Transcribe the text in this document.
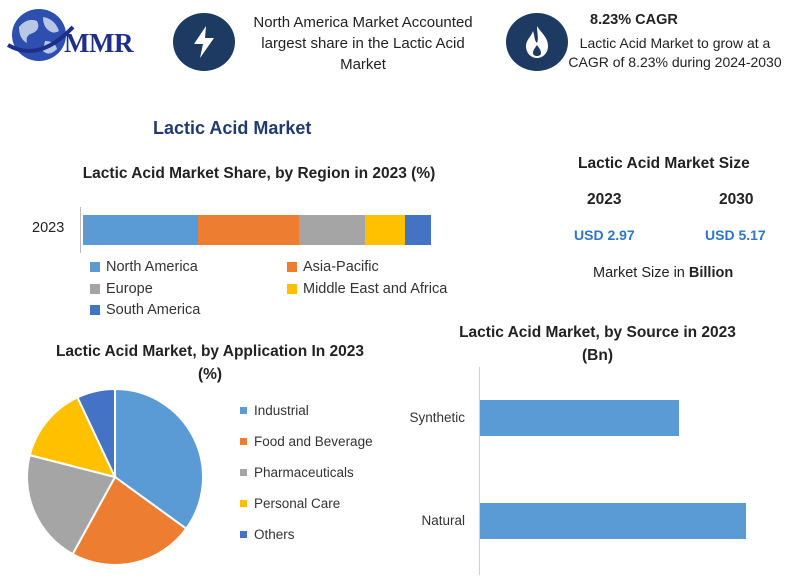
MMR
North America Market Accounted largest share in the Lactic Acid Market
8.23% CAGR
Lactic Acid Market to grow at a CAGR of 8.23% during 2024-2030
Lactic Acid Market
Lactic Acid Market Share, by Region in 2023 (%)
2023
North America	Asia-Pacific
Europe	Middle East and Africa
South America
Lactic Acid Market Size
2023	2030
USD 2.97	USD 5.17
Market Size in Billion
Lactic Acid Market, by Application In 2023 (%)
Industrial
Food and Beverage
Pharmaceuticals
Personal Care
Others
Lactic Acid Market, by Source in 2023 (Bn)
Synthetic
Natural
